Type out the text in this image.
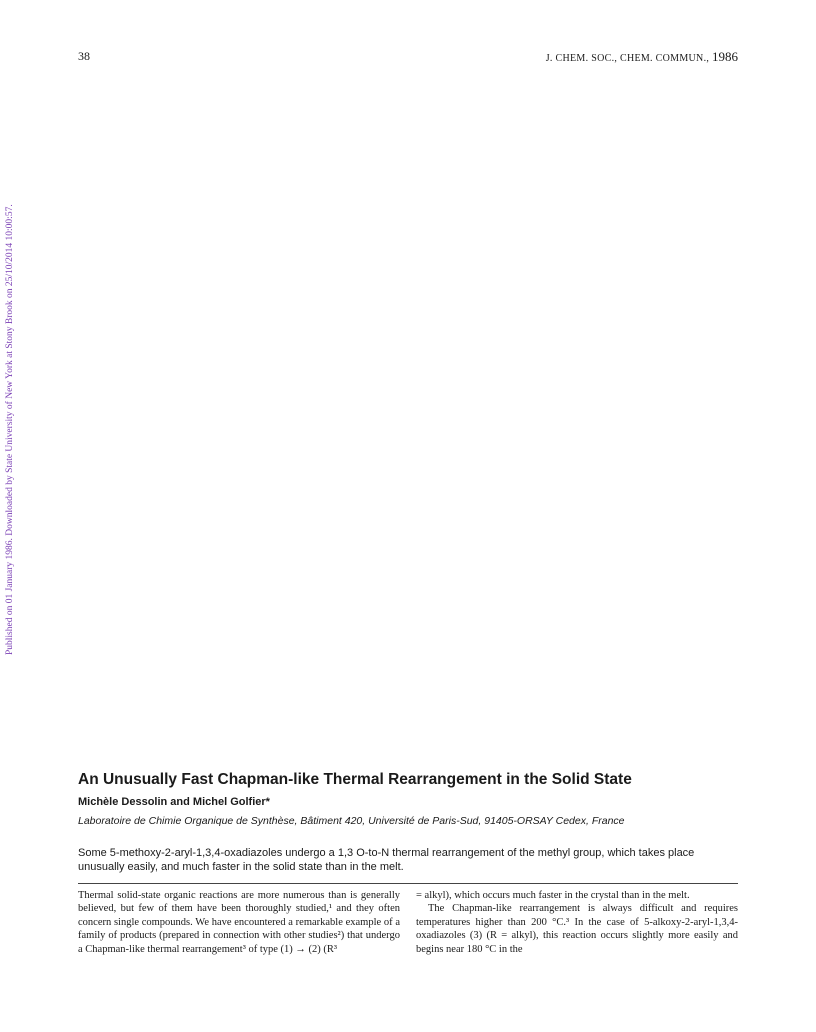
38	J. CHEM. SOC., CHEM. COMMUN., 1986
Published on 01 January 1986. Downloaded by State University of New York at Stony Brook on 25/10/2014 10:00:57.
An Unusually Fast Chapman-like Thermal Rearrangement in the Solid State
Michèle Dessolin and Michel Golfier*
Laboratoire de Chimie Organique de Synthèse, Bâtiment 420, Université de Paris-Sud, 91405-ORSAY Cedex, France
Some 5-methoxy-2-aryl-1,3,4-oxadiazoles undergo a 1,3 O-to-N thermal rearrangement of the methyl group, which takes place unusually easily, and much faster in the solid state than in the melt.

Thermal solid-state organic reactions are more numerous than is generally believed, but few of them have been thoroughly studied,¹ and they often concern single compounds. We have encountered a remarkable example of a family of products (prepared in connection with other studies²) that undergo a Chapman-like thermal rearrangement³ of type (1) → (2) (R³

= alkyl), which occurs much faster in the crystal than in the melt.

The Chapman-like rearrangement is always difficult and requires temperatures higher than 200 °C.³ In the case of 5-alkoxy-2-aryl-1,3,4-oxadiazoles (3) (R = alkyl), this reaction occurs slightly more easily and begins near 180 °C in the
